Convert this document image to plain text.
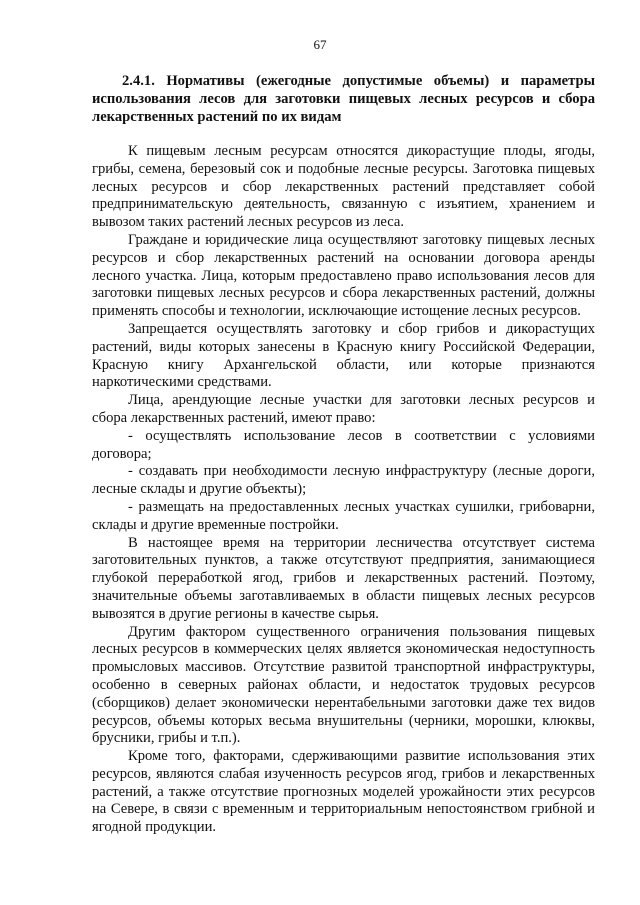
67
2.4.1. Нормативы (ежегодные допустимые объемы) и параметры использования лесов для заготовки пищевых лесных ресурсов и сбора лекарственных растений по их видам

К пищевым лесным ресурсам относятся дикорастущие плоды, ягоды, грибы, семена, березовый сок и подобные лесные ресурсы. Заготовка пищевых лесных ресурсов и сбор лекарственных растений представляет собой предпринимательскую деятельность, связанную с изъятием, хранением и вывозом таких растений лесных ресурсов из леса.

Граждане и юридические лица осуществляют заготовку пищевых лесных ресурсов и сбор лекарственных растений на основании договора аренды лесного участка. Лица, которым предоставлено право использования лесов для заготовки пищевых лесных ресурсов и сбора лекарственных растений, должны применять способы и технологии, исключающие истощение лесных ресурсов.

Запрещается осуществлять заготовку и сбор грибов и дикорастущих растений, виды которых занесены в Красную книгу Российской Федерации, Красную книгу Архангельской области, или которые признаются наркотическими средствами.

Лица, арендующие лесные участки для заготовки лесных ресурсов и сбора лекарственных растений, имеют право:

- осуществлять использование лесов в соответствии с условиями договора;

- создавать при необходимости лесную инфраструктуру (лесные дороги, лесные склады и другие объекты);

- размещать на предоставленных лесных участках сушилки, грибоварни, склады и другие временные постройки.

В настоящее время на территории лесничества отсутствует система заготовительных пунктов, а также отсутствуют предприятия, занимающиеся глубокой переработкой ягод, грибов и лекарственных растений. Поэтому, значительные объемы заготавливаемых в области пищевых лесных ресурсов вывозятся в другие регионы в качестве сырья.

Другим фактором существенного ограничения пользования пищевых лесных ресурсов в коммерческих целях является экономическая недоступность промысловых массивов. Отсутствие развитой транспортной инфраструктуры, особенно в северных районах области, и недостаток трудовых ресурсов (сборщиков) делает экономически нерентабельными заготовки даже тех видов ресурсов, объемы которых весьма внушительны (черники, морошки, клюквы, брусники, грибы и т.п.).

Кроме того, факторами, сдерживающими развитие использования этих ресурсов, являются слабая изученность ресурсов ягод, грибов и лекарственных растений, а также отсутствие прогнозных моделей урожайности этих ресурсов на Севере, в связи с временным и территориальным непостоянством грибной и ягодной продукции.
